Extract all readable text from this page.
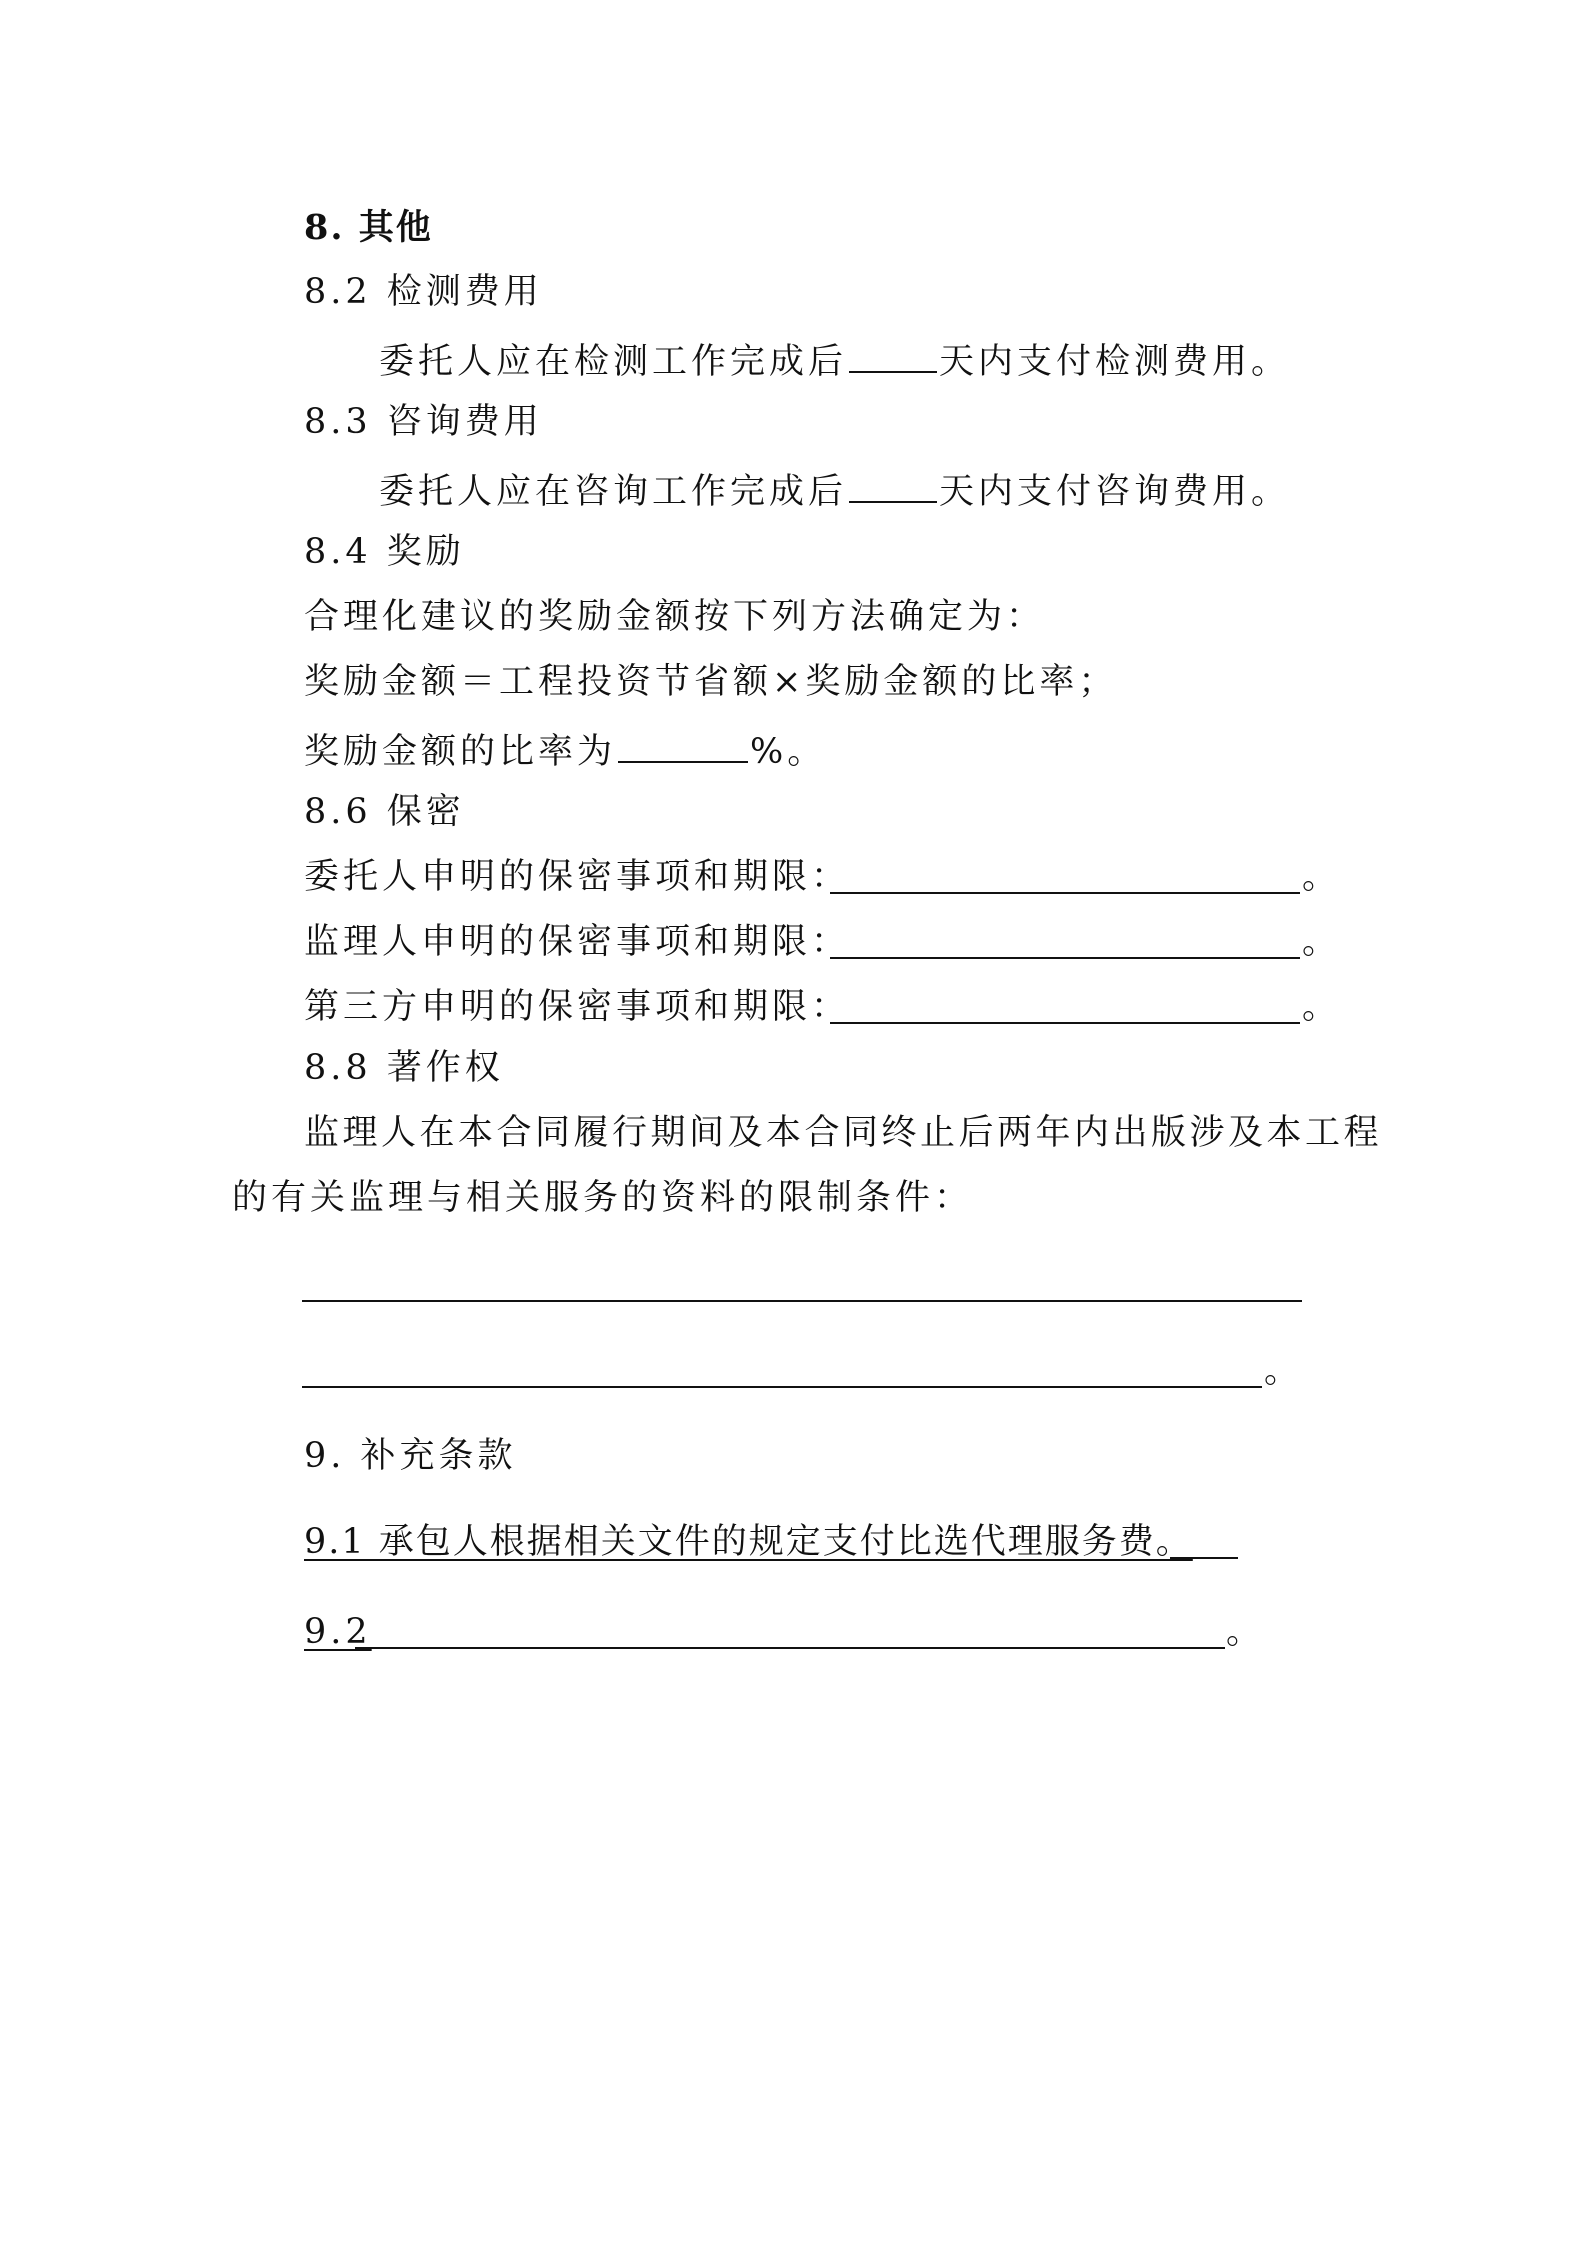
8. 其他
8.2 检测费用
委托人应在检测工作完成后	天内支付检测费用。
8.3 咨询费用
委托人应在咨询工作完成后	天内支付咨询费用。
8.4 奖励
合理化建议的奖励金额按下列方法确定为：
奖励金额＝工程投资节省额×奖励金额的比率；
奖励金额的比率为	%。
8.6 保密
委托人申明的保密事项和期限：	。
监理人申明的保密事项和期限：	。
第三方申明的保密事项和期限：	。
8.8 著作权
监理人在本合同履行期间及本合同终止后两年内出版涉及本工程
的有关监理与相关服务的资料的限制条件：
。
9. 补充条款
9.1 承包人根据相关文件的规定支付比选代理服务费。
9.2	。
